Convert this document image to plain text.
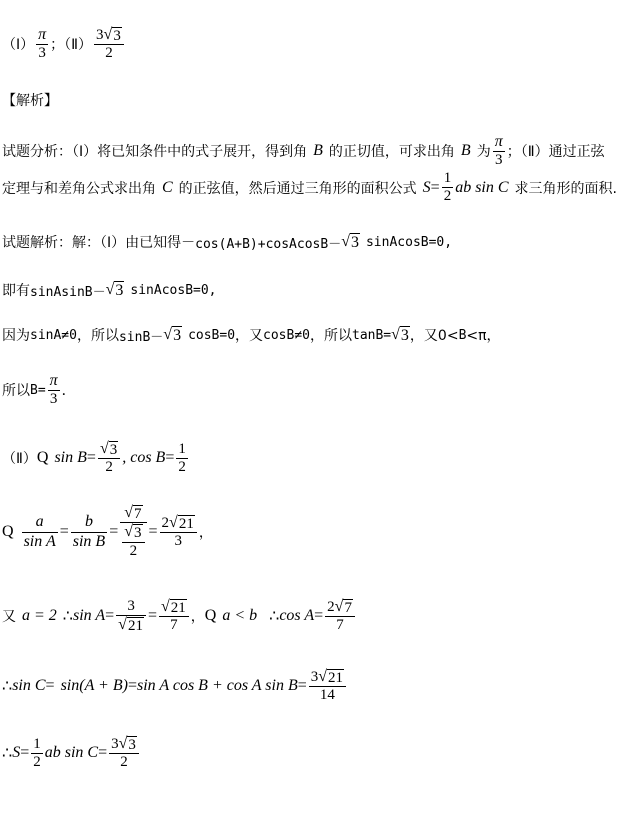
（Ⅰ） $\frac{\pi}{3}$ ；（Ⅱ） $\frac{3 √ 3}{2}$
【解析】
试题分析：（Ⅰ）将已知条件中的式子展开，得到角 B 的正切值，可求出角 B 为 $\frac{\pi}{3}$ ；（Ⅱ）通过正弦
定理与和差角公式求出角 C 的正弦值，然后通过三角形的面积公式 $S = \frac{1}{2}$ ab sin C 求三角形的面积.
试题解析：解：（Ⅰ）由已知得－ cos(A+B)+cosAcosB－ √ 3 sinAcosB=0,
即有 sinAsinB－ √ 3 sinAcosB=0,
因为 sinA≠0 ，所以 sinB－ √ 3 cosB=0 ，又 cosB≠0 ，所以 tanB= √ 3 ，又0< B <π，
所以 $B= \frac{\pi}{3}$ ．
（Ⅱ） Q $\sin B = \frac{√ 3}{2}$ , $\cos B = \frac{1}{2}$
Q $\frac{a}{\text{sin A}} = \frac{b}{\text{sin B}} = \frac{√ 7}{\frac{√ 3}{2}} = \frac{2 √ 21}{3}$ ，
又 a = 2 ∴ $\sin A = \frac{3}{√ 21} = \frac{√ 21}{7}$ ， Q a < b ∴ $\cos A = \frac{2 √ 7}{7}$
∴ sin C = sin(A + B) = sin A cos B + cos A $\sin B = \frac{3 √ 21}{14}$
∴ $S = \frac{1}{2}$ ab $\sin C = \frac{3 √ 3}{2}$
